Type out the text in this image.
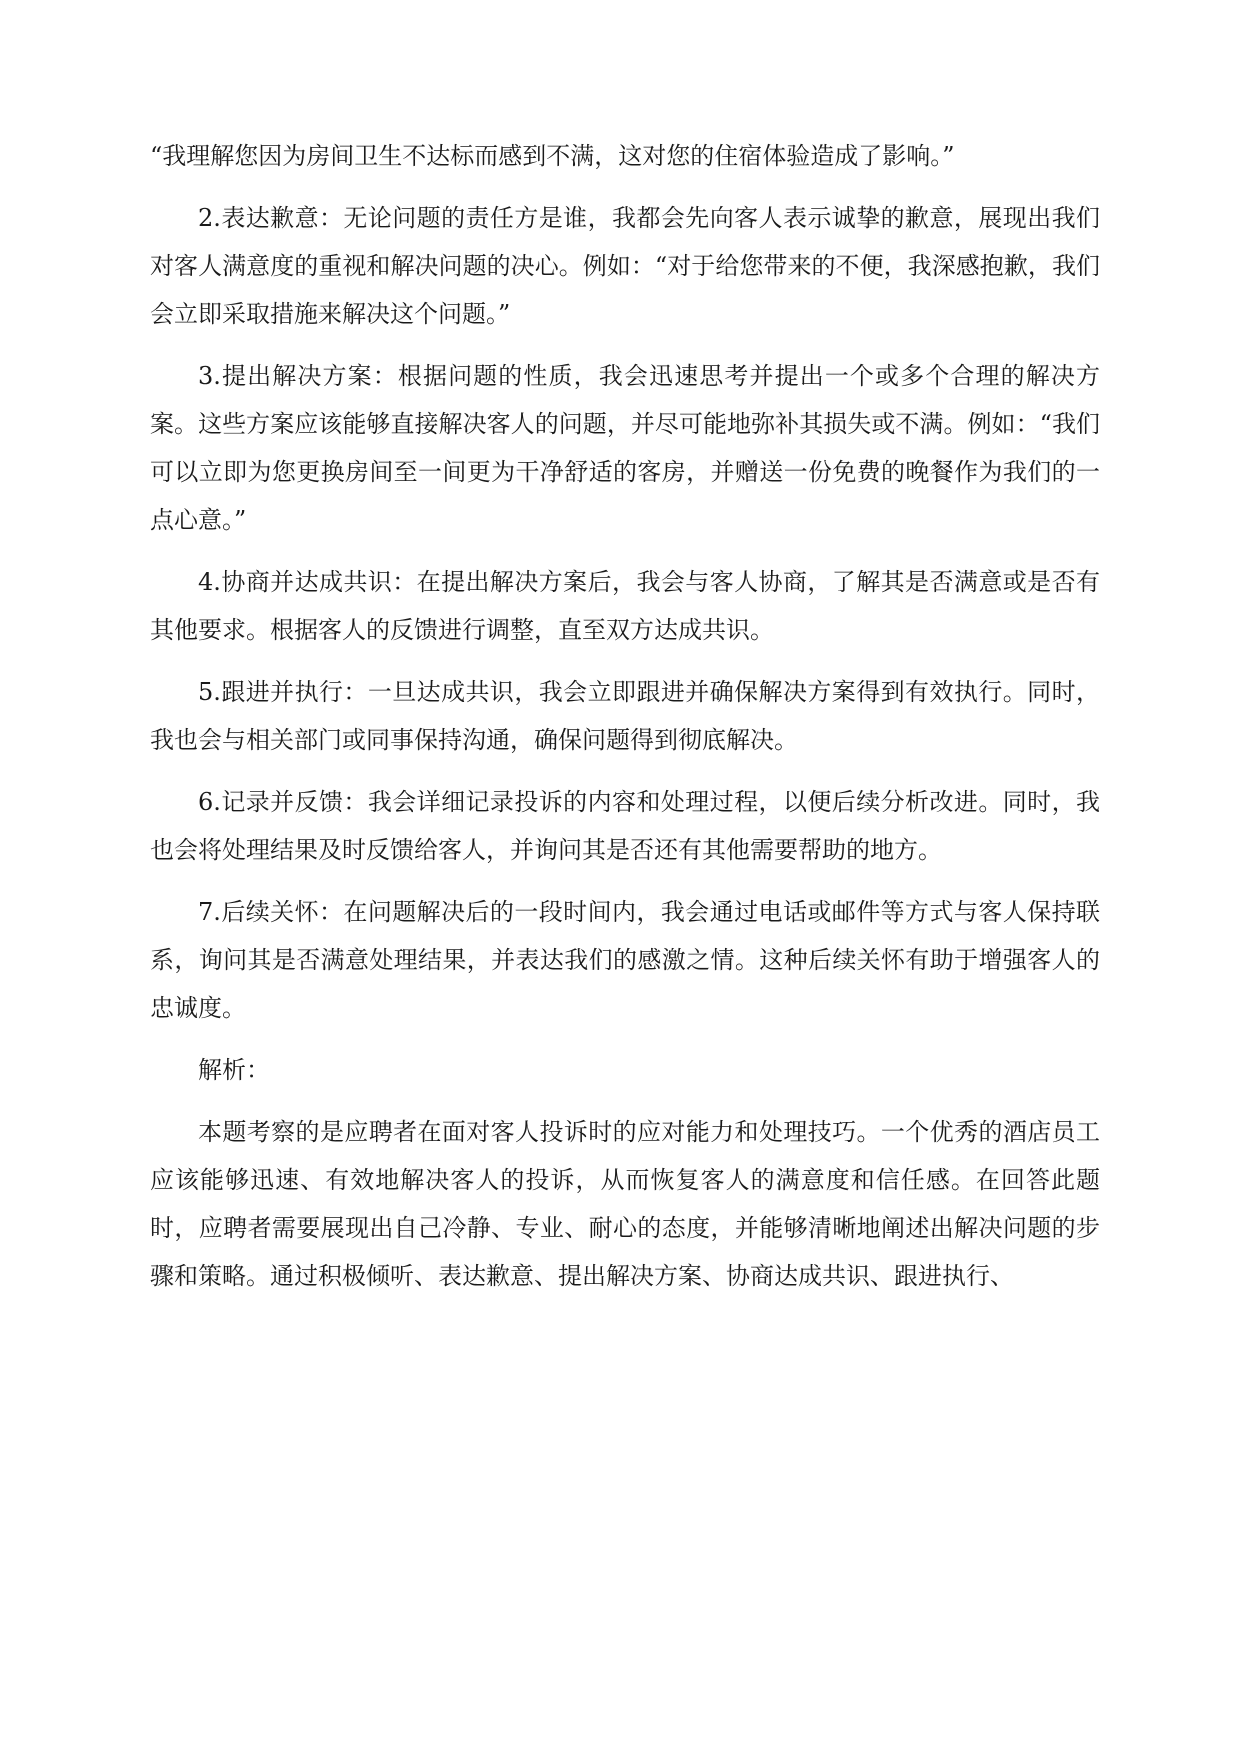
“我理解您因为房间卫生不达标而感到不满，这对您的住宿体验造成了影响。”

2.表达歉意：无论问题的责任方是谁，我都会先向客人表示诚挚的歉意，展现出我们对客人满意度的重视和解决问题的决心。例如：“对于给您带来的不便，我深感抱歉，我们会立即采取措施来解决这个问题。”

3.提出解决方案：根据问题的性质，我会迅速思考并提出一个或多个合理的解决方案。这些方案应该能够直接解决客人的问题，并尽可能地弥补其损失或不满。例如：“我们可以立即为您更换房间至一间更为干净舒适的客房，并赠送一份免费的晚餐作为我们的一点心意。”

4.协商并达成共识：在提出解决方案后，我会与客人协商，了解其是否满意或是否有其他要求。根据客人的反馈进行调整，直至双方达成共识。

5.跟进并执行：一旦达成共识，我会立即跟进并确保解决方案得到有效执行。同时，我也会与相关部门或同事保持沟通，确保问题得到彻底解决。

6.记录并反馈：我会详细记录投诉的内容和处理过程，以便后续分析改进。同时，我也会将处理结果及时反馈给客人，并询问其是否还有其他需要帮助的地方。

7.后续关怀：在问题解决后的一段时间内，我会通过电话或邮件等方式与客人保持联系，询问其是否满意处理结果，并表达我们的感激之情。这种后续关怀有助于增强客人的忠诚度。

解析：

本题考察的是应聘者在面对客人投诉时的应对能力和处理技巧。一个优秀的酒店员工应该能够迅速、有效地解决客人的投诉，从而恢复客人的满意度和信任感。在回答此题时，应聘者需要展现出自己冷静、专业、耐心的态度，并能够清晰地阐述出解决问题的步骤和策略。通过积极倾听、表达歉意、提出解决方案、协商达成共识、跟进执行、
